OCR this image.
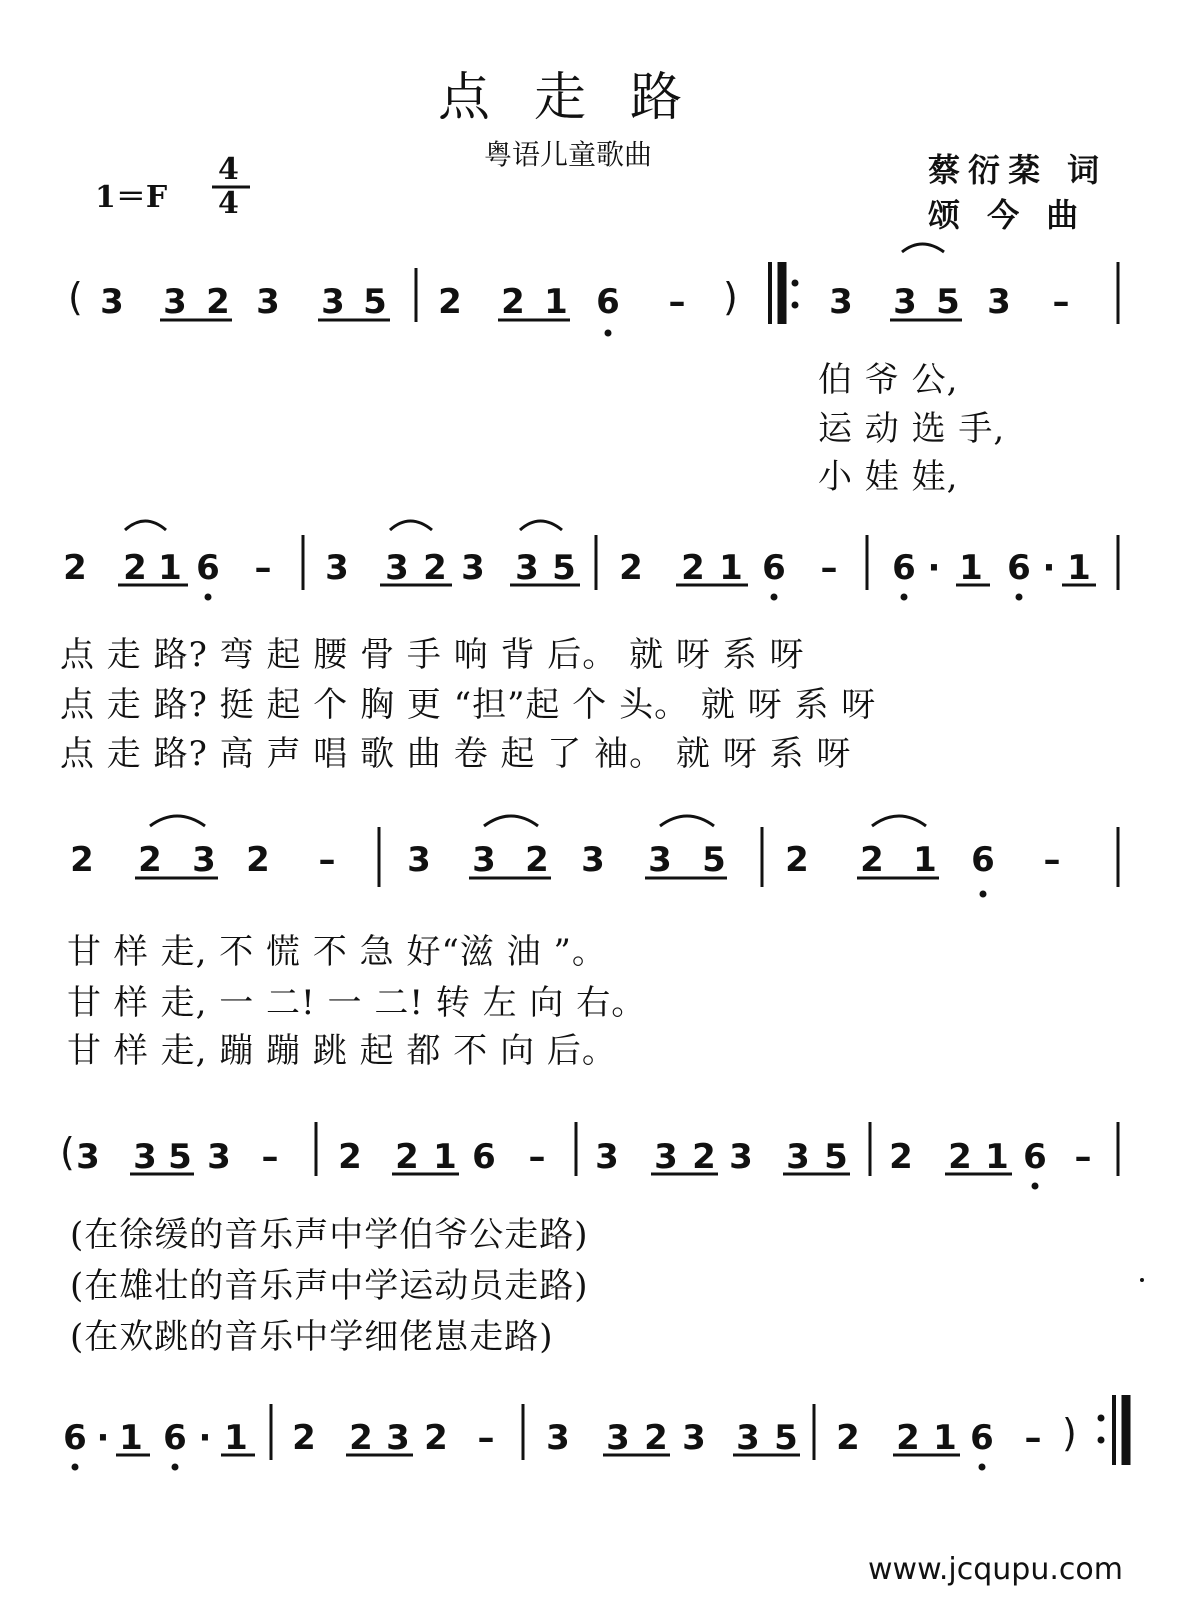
点走路
粤语儿童歌曲
1＝F
4
4
蔡衍棻 词
颂 今 曲
( 3 3 2 3 3 5 2 2 1 6 – )	3 3 5 3 –
伯 爷 公,
运 动 选 手,
小 娃 娃,
2 2 1 6 – 3 3 2 3 3 5 2 2 1 6 – 6 · 1 6 · 1
点 走 路? 弯 起 腰 骨 手 响 背 后。 就 呀 系 呀
点 走 路? 挺 起 个 胸 更 “担”起 个 头。 就 呀 系 呀
点 走 路? 高 声 唱 歌 曲 卷 起 了 袖。 就 呀 系 呀
2 2 3 2 – 3 3 2 3 3 5 2 2 1 6 –
甘 样 走, 不 慌 不 急 好“滋 油 ”。
甘 样 走, 一 二! 一 二! 转 左 向 右。
甘 样 走, 蹦 蹦 跳 起 都 不 向 后。
( 3 3 5 3 – 2 2 1 6 – 3 3 2 3 3 5 2 2 1 6 –
(在徐缓的音乐声中学伯爷公走路)
(在雄壮的音乐声中学运动员走路)
(在欢跳的音乐中学细佬崽走路)
6 · 1 6 · 1 2 2 3 2 – 3 3 2 3 3 5 2 2 1 6 – )
www.jcqupu.com
